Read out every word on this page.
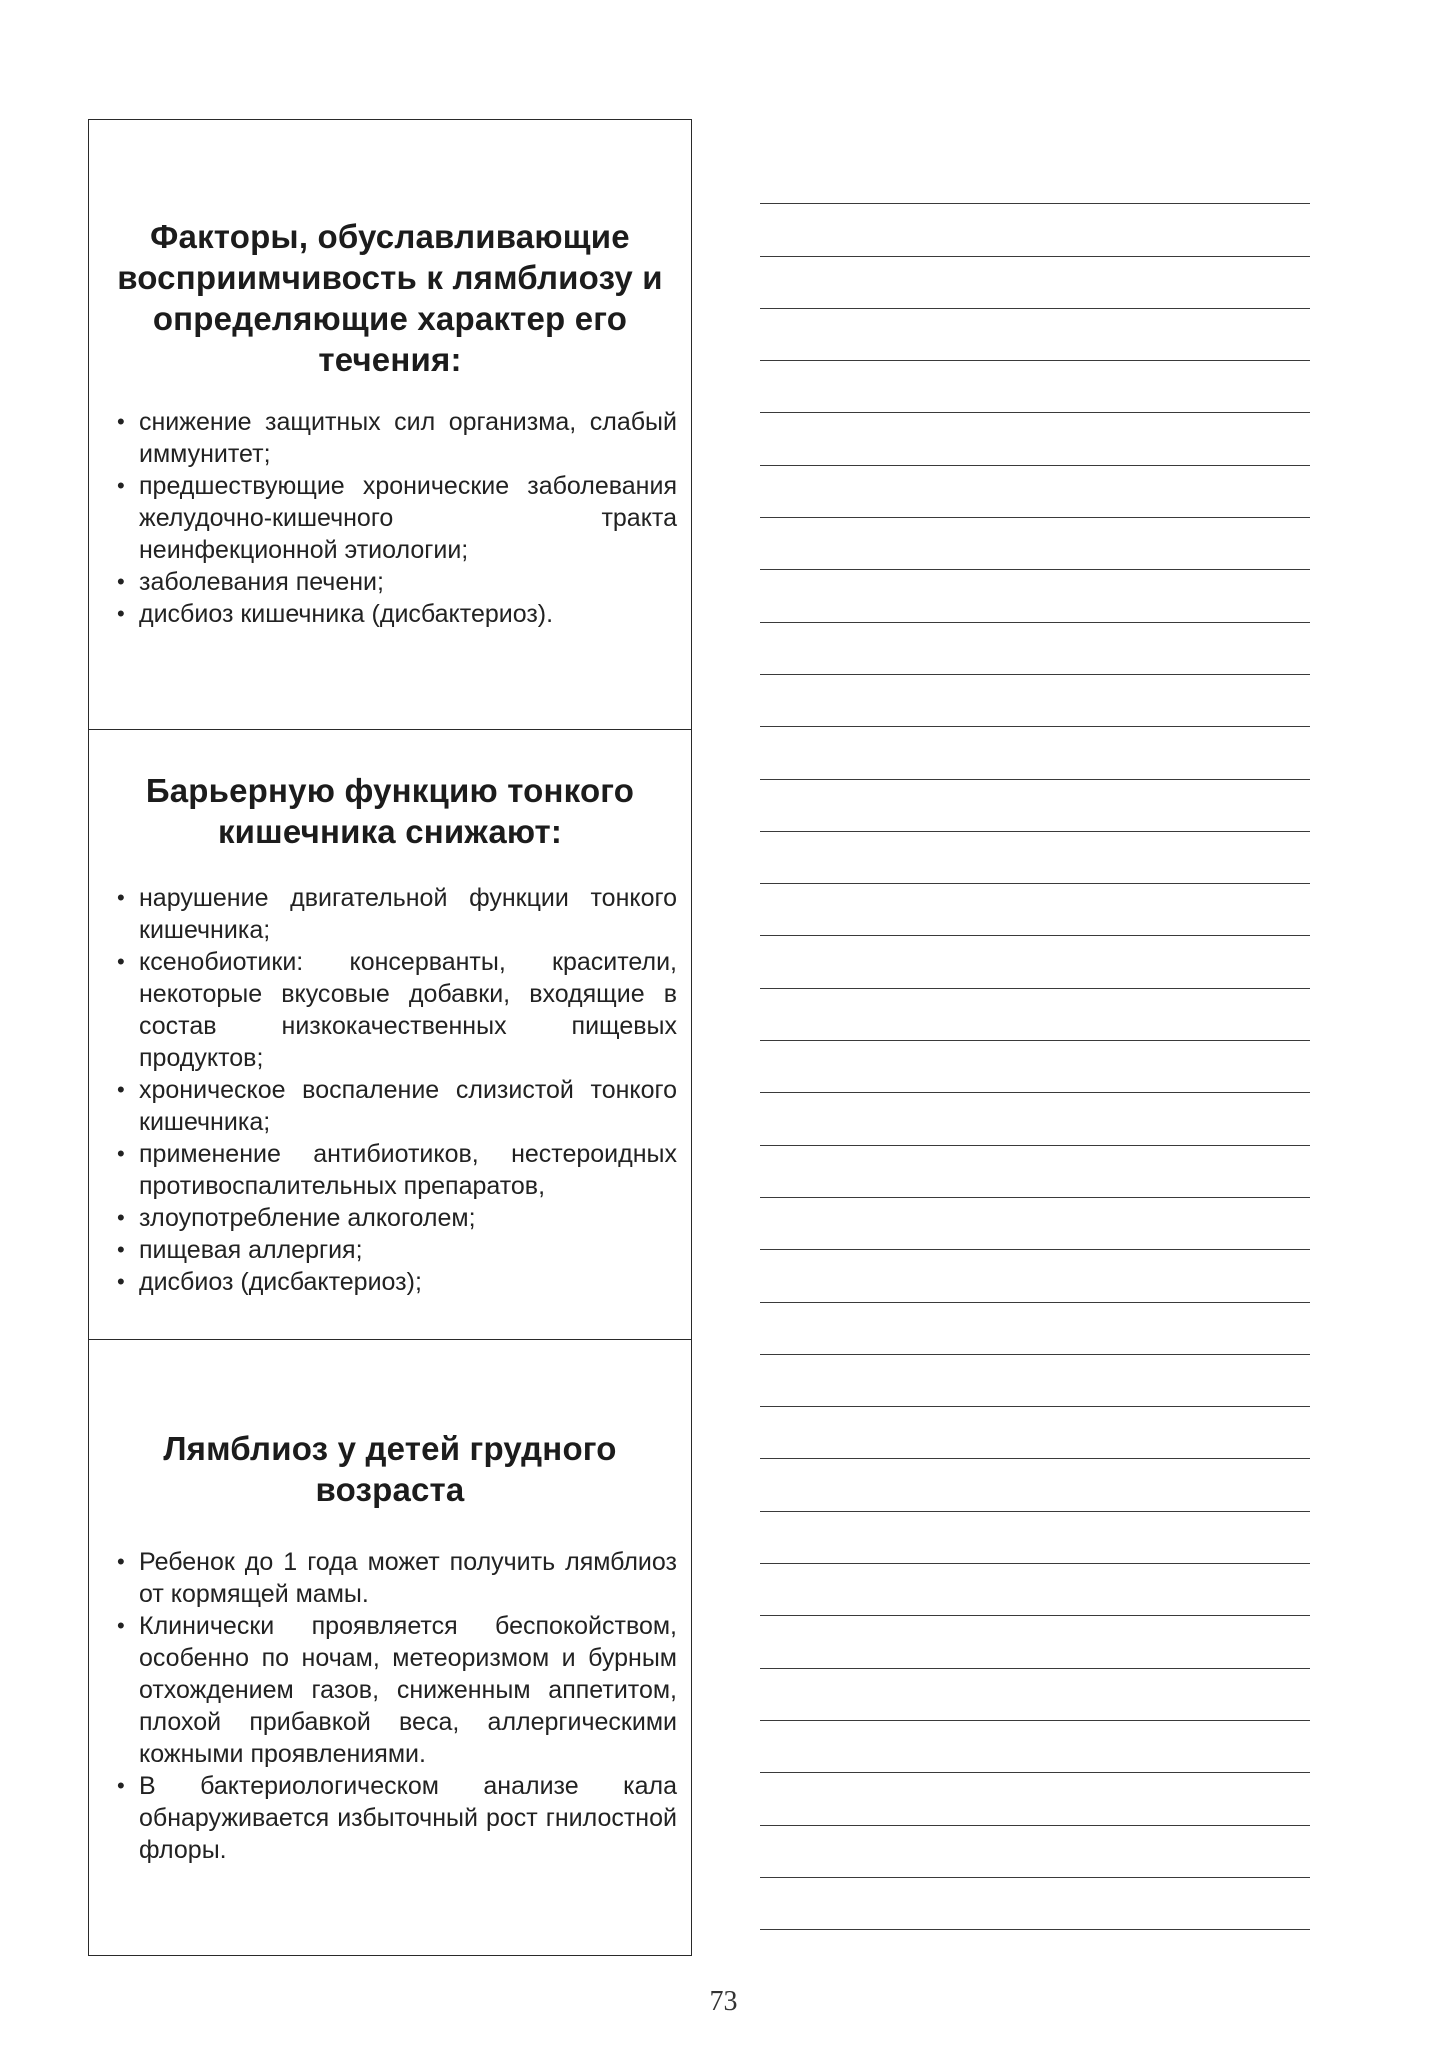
Факторы, обуславливающие восприимчивость к лямблиозу и определяющие характер его течения:
• снижение защитных сил организма, слабый иммунитет;
• предшествующие хронические заболевания желудочно-кишечного тракта неинфекционной этиологии;
• заболевания печени;
• дисбиоз кишечника (дисбактериоз).
Барьерную функцию тонкого кишечника снижают:
• нарушение двигательной функции тонкого кишечника;
• ксенобиотики: консерванты, красители, некоторые вкусовые добавки, входящие в состав низкокачественных пищевых продуктов;
• хроническое воспаление слизистой тонкого кишечника;
• применение антибиотиков, нестероидных противоспалительных препаратов,
• злоупотребление алкоголем;
• пищевая аллергия;
• дисбиоз (дисбактериоз);
Лямблиоз у детей грудного возраста
• Ребенок до 1 года может получить лямблиоз от кормящей мамы.
• Клинически проявляется беспокойством, особенно по ночам, метеоризмом и бурным отхождением газов, сниженным аппетитом, плохой прибавкой веса, аллергическими кожными проявлениями.
• В бактериологическом анализе кала обнаруживается избыточный рост гнилостной флоры.
73
